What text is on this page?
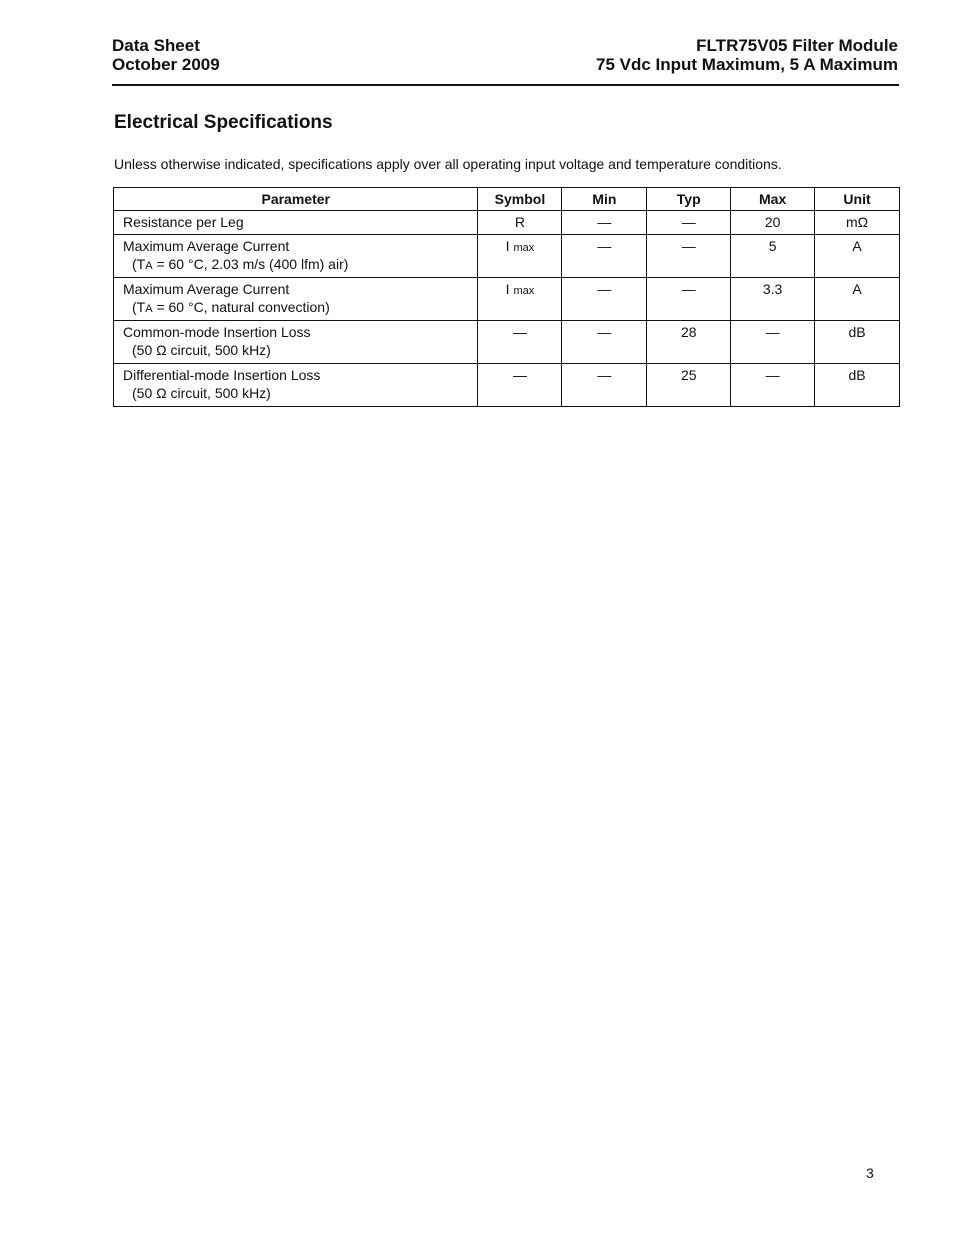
Data Sheet
October 2009
FLTR75V05 Filter Module
75 Vdc Input Maximum, 5 A Maximum
Electrical Specifications
Unless otherwise indicated, specifications apply over all operating input voltage and temperature conditions.
Parameter	Symbol	Min	Typ	Max	Unit
Resistance per Leg	R	—	—	20	mΩ
Maximum Average Current
(TA = 60 °C, 2.03 m/s (400 lfm) air)	I max	—	—	5	A
Maximum Average Current
(TA = 60 °C, natural convection)	I max	—	—	3.3	A
Common-mode Insertion Loss
(50 Ω circuit, 500 kHz)	—	—	28	—	dB
Differential-mode Insertion Loss
(50 Ω circuit, 500 kHz)	—	—	25	—	dB
3
